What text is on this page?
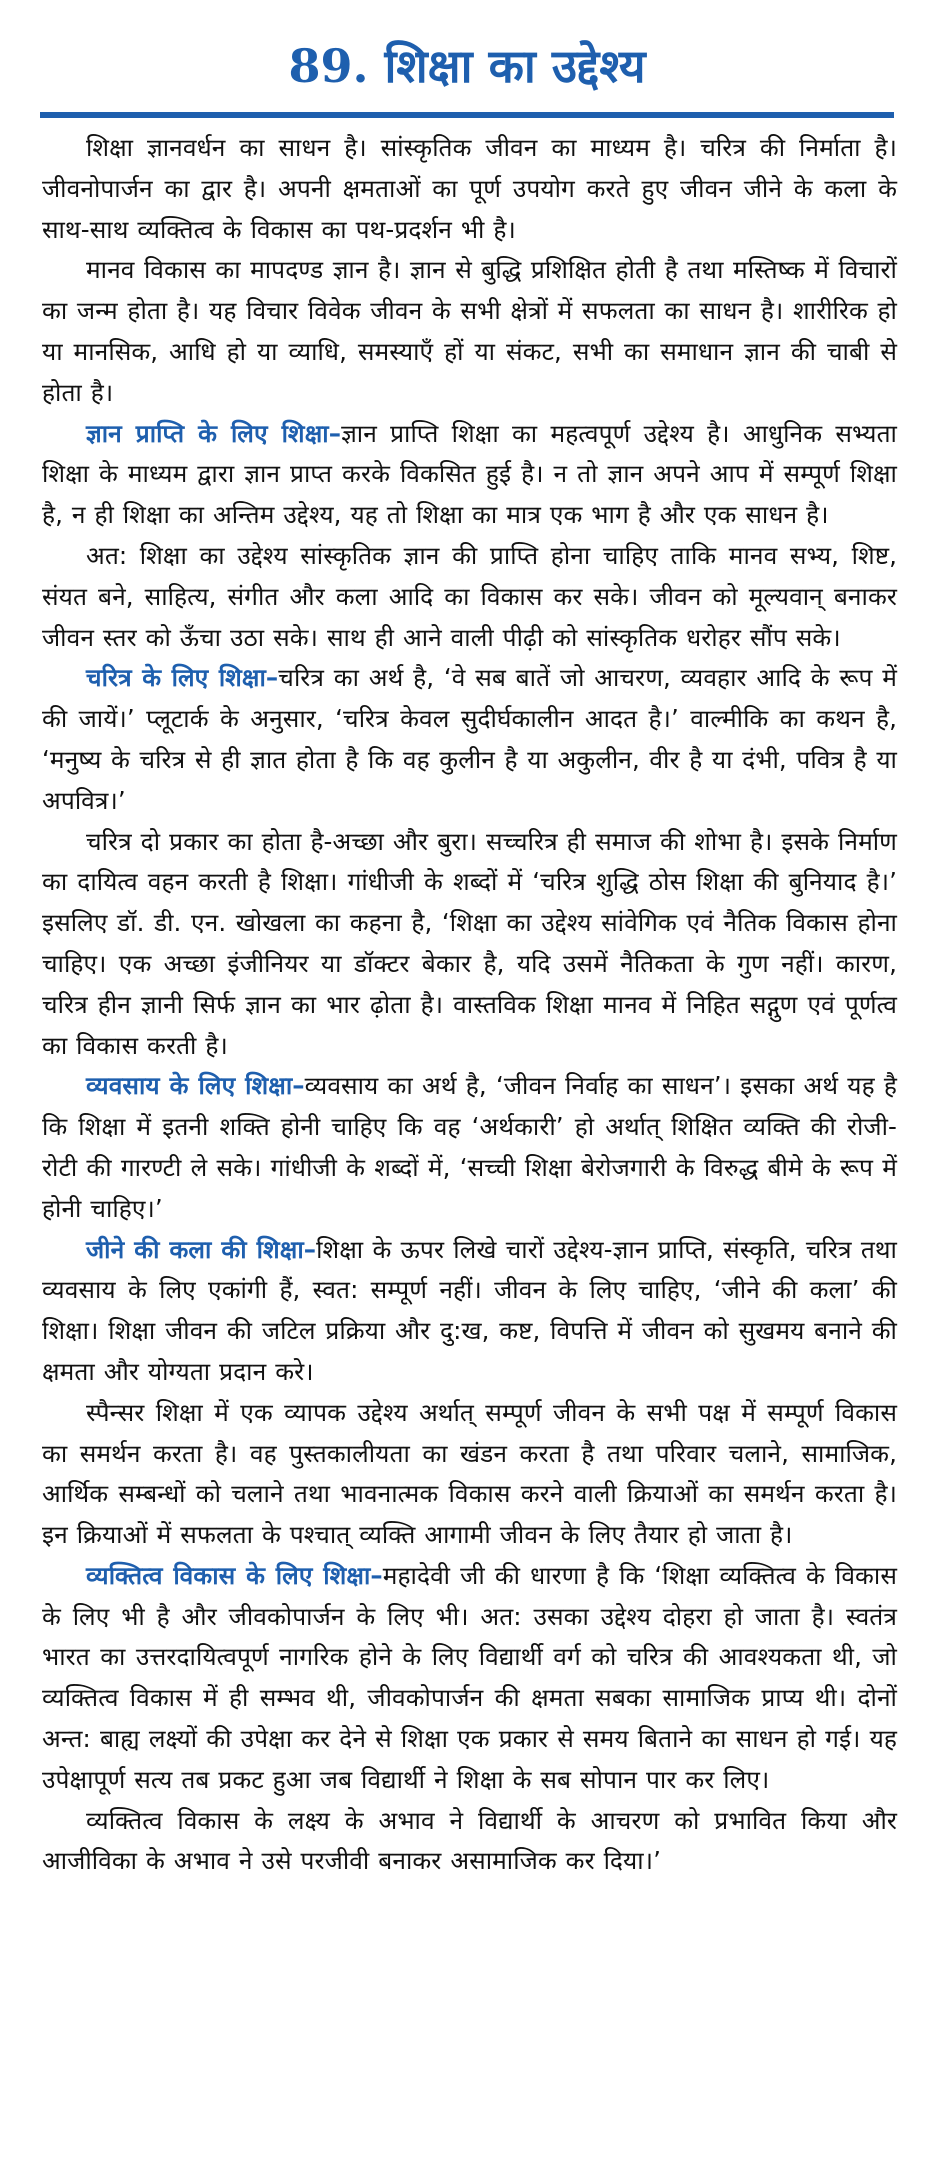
89. शिक्षा का उद्देश्य

शिक्षा ज्ञानवर्धन का साधन है। सांस्कृतिक जीवन का माध्यम है। चरित्र की निर्माता है। जीवनोपार्जन का द्वार है। अपनी क्षमताओं का पूर्ण उपयोग करते हुए जीवन जीने के कला के साथ-साथ व्यक्तित्व के विकास का पथ-प्रदर्शन भी है।

मानव विकास का मापदण्ड ज्ञान है। ज्ञान से बुद्धि प्रशिक्षित होती है तथा मस्तिष्क में विचारों का जन्म होता है। यह विचार विवेक जीवन के सभी क्षेत्रों में सफलता का साधन है। शारीरिक हो या मानसिक, आधि हो या व्याधि, समस्याएँ हों या संकट, सभी का समाधान ज्ञान की चाबी से होता है।

ज्ञान प्राप्ति के लिए शिक्षा–ज्ञान प्राप्ति शिक्षा का महत्वपूर्ण उद्देश्य है। आधुनिक सभ्यता शिक्षा के माध्यम द्वारा ज्ञान प्राप्त करके विकसित हुई है। न तो ज्ञान अपने आप में सम्पूर्ण शिक्षा है, न ही शिक्षा का अन्तिम उद्देश्य, यह तो शिक्षा का मात्र एक भाग है और एक साधन है।

अत: शिक्षा का उद्देश्य सांस्कृतिक ज्ञान की प्राप्ति होना चाहिए ताकि मानव सभ्य, शिष्ट, संयत बने, साहित्य, संगीत और कला आदि का विकास कर सके। जीवन को मूल्यवान् बनाकर जीवन स्तर को ऊँचा उठा सके। साथ ही आने वाली पीढ़ी को सांस्कृतिक धरोहर सौंप सके।

चरित्र के लिए शिक्षा–चरित्र का अर्थ है, ‘वे सब बातें जो आचरण, व्यवहार आदि के रूप में की जायें।’ प्लूटार्क के अनुसार, ‘चरित्र केवल सुदीर्घकालीन आदत है।’ वाल्मीकि का कथन है, ‘मनुष्य के चरित्र से ही ज्ञात होता है कि वह कुलीन है या अकुलीन, वीर है या दंभी, पवित्र है या अपवित्र।’

चरित्र दो प्रकार का होता है-अच्छा और बुरा। सच्चरित्र ही समाज की शोभा है। इसके निर्माण का दायित्व वहन करती है शिक्षा। गांधीजी के शब्दों में ‘चरित्र शुद्धि ठोस शिक्षा की बुनियाद है।’ इसलिए डॉ. डी. एन. खोखला का कहना है, ‘शिक्षा का उद्देश्य सांवेगिक एवं नैतिक विकास होना चाहिए। एक अच्छा इंजीनियर या डॉक्टर बेकार है, यदि उसमें नैतिकता के गुण नहीं। कारण, चरित्र हीन ज्ञानी सिर्फ ज्ञान का भार ढ़ोता है। वास्तविक शिक्षा मानव में निहित सद्गुण एवं पूर्णत्व का विकास करती है।

व्यवसाय के लिए शिक्षा–व्यवसाय का अर्थ है, ‘जीवन निर्वाह का साधन’। इसका अर्थ यह है कि शिक्षा में इतनी शक्ति होनी चाहिए कि वह ‘अर्थकारी’ हो अर्थात् शिक्षित व्यक्ति की रोजी-रोटी की गारण्टी ले सके। गांधीजी के शब्दों में, ‘सच्ची शिक्षा बेरोजगारी के विरुद्ध बीमे के रूप में होनी चाहिए।’

जीने की कला की शिक्षा–शिक्षा के ऊपर लिखे चारों उद्देश्य-ज्ञान प्राप्ति, संस्कृति, चरित्र तथा व्यवसाय के लिए एकांगी हैं, स्वत: सम्पूर्ण नहीं। जीवन के लिए चाहिए, ‘जीने की कला’ की शिक्षा। शिक्षा जीवन की जटिल प्रक्रिया और दु:ख, कष्ट, विपत्ति में जीवन को सुखमय बनाने की क्षमता और योग्यता प्रदान करे।

स्पैन्सर शिक्षा में एक व्यापक उद्देश्य अर्थात् सम्पूर्ण जीवन के सभी पक्ष में सम्पूर्ण विकास का समर्थन करता है। वह पुस्तकालीयता का खंडन करता है तथा परिवार चलाने, सामाजिक, आर्थिक सम्बन्धों को चलाने तथा भावनात्मक विकास करने वाली क्रियाओं का समर्थन करता है। इन क्रियाओं में सफलता के पश्चात् व्यक्ति आगामी जीवन के लिए तैयार हो जाता है।

व्यक्तित्व विकास के लिए शिक्षा–महादेवी जी की धारणा है कि ‘शिक्षा व्यक्तित्व के विकास के लिए भी है और जीवकोपार्जन के लिए भी। अत: उसका उद्देश्य दोहरा हो जाता है। स्वतंत्र भारत का उत्तरदायित्वपूर्ण नागरिक होने के लिए विद्यार्थी वर्ग को चरित्र की आवश्यकता थी, जो व्यक्तित्व विकास में ही सम्भव थी, जीवकोपार्जन की क्षमता सबका सामाजिक प्राप्य थी। दोनों अन्त: बाह्य लक्ष्यों की उपेक्षा कर देने से शिक्षा एक प्रकार से समय बिताने का साधन हो गई। यह उपेक्षापूर्ण सत्य तब प्रकट हुआ जब विद्यार्थी ने शिक्षा के सब सोपान पार कर लिए।

व्यक्तित्व विकास के लक्ष्य के अभाव ने विद्यार्थी के आचरण को प्रभावित किया और आजीविका के अभाव ने उसे परजीवी बनाकर असामाजिक कर दिया।’
